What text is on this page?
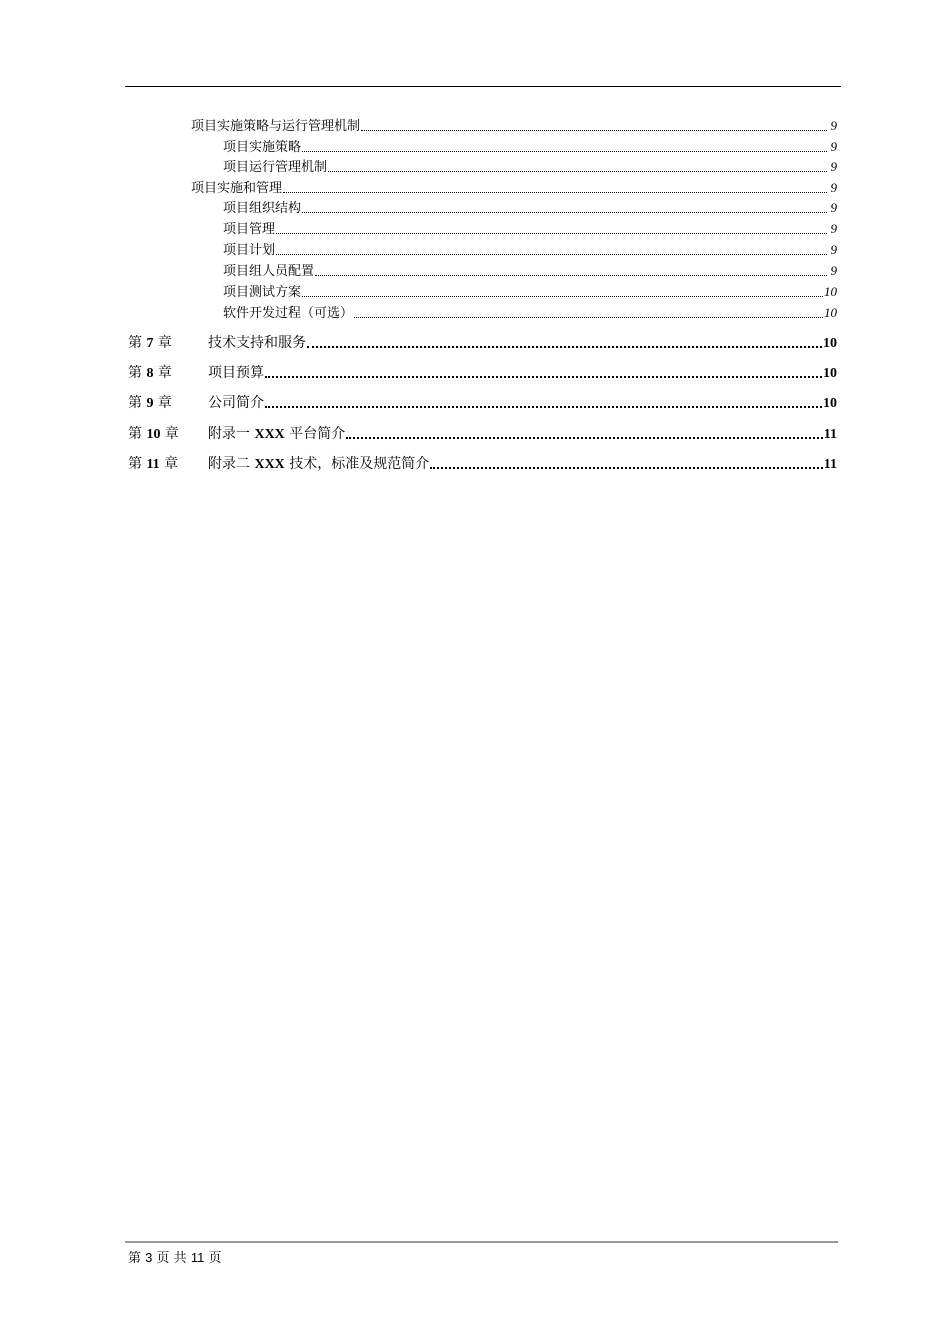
项目实施策略与运行管理机制	9
项目实施策略	9
项目运行管理机制	9
项目实施和管理	9
项目组织结构	9
项目管理	9
项目计划	9
项目组人员配置	9
项目测试方案	10
软件开发过程（可选）	10
第 7 章	技术支持和服务	10
第 8 章	项目预算	10
第 9 章	公司简介	10
第 10 章	附录一 XXX 平台简介	11
第 11 章	附录二 XXX 技术，标准及规范简介	11
第 3 页 共 11 页
